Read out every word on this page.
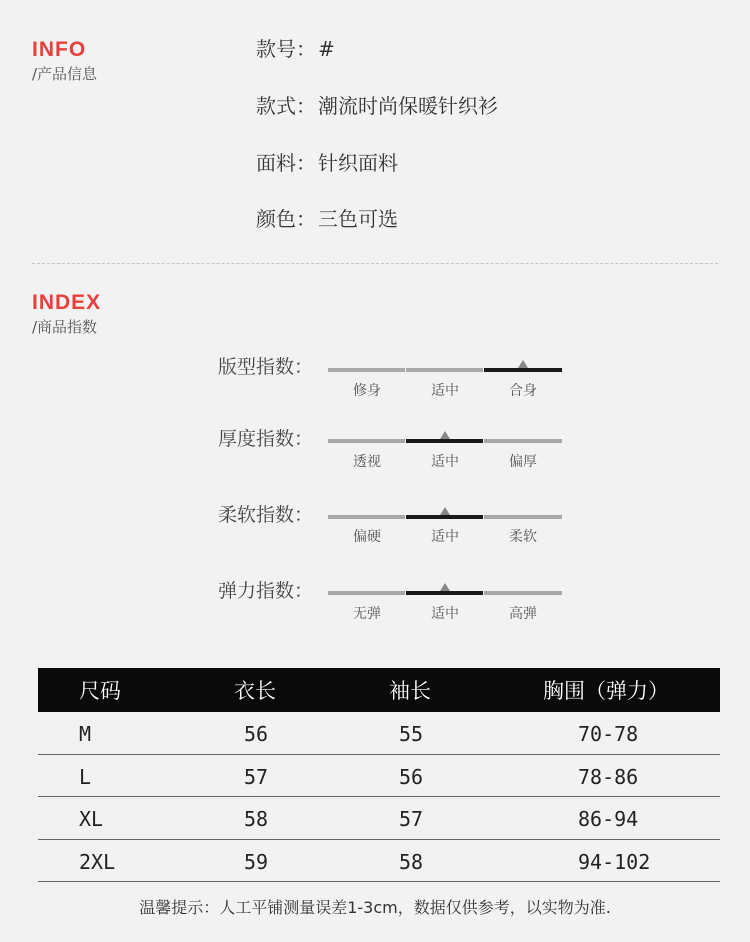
INFO
/产品信息
款号： #
款式： 潮流时尚保暖针织衫
面料： 针织面料
颜色： 三色可选
INDEX
/商品指数
版型指数：
修身	适中	合身
厚度指数：
透视	适中	偏厚
柔软指数：
偏硬	适中	柔软
弹力指数：
无弹	适中	高弹
尺码	衣长	袖长	胸围（弹力）
M	56	55	70-78
L	57	56	78-86
XL	58	57	86-94
2XL	59	58	94-102
温馨提示：人工平铺测量误差1-3cm，数据仅供参考，以实物为准.
